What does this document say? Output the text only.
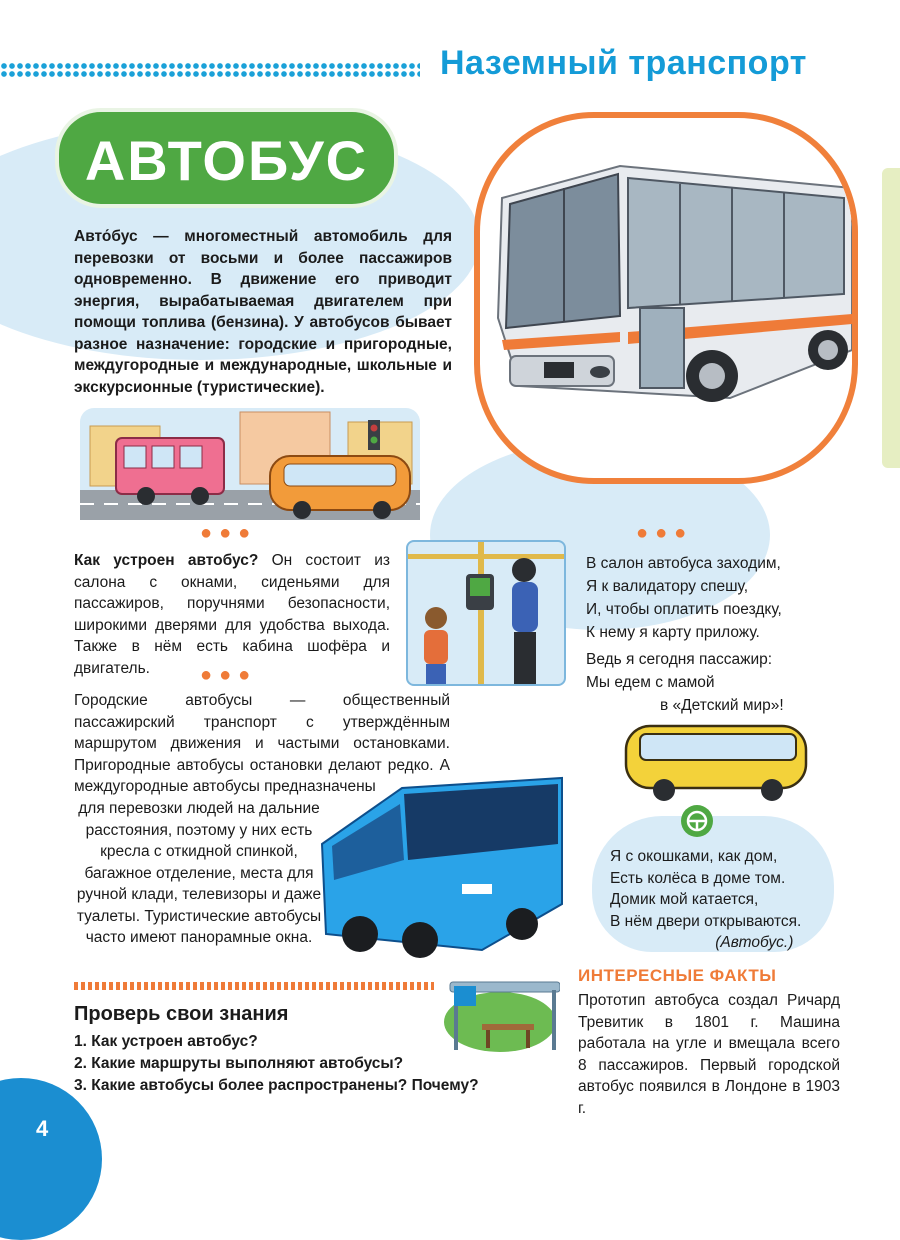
Наземный транспорт
АВТОБУС
Авто́бус — многоместный автомобиль для перевозки от восьми и более пассажиров одновременно. В движение его приводит энергия, вырабатываемая двигателем при помощи топлива (бензина). У автобусов бывает разное назначение: городские и пригородные, междугородные и международные, школьные и экскурсионные (туристические).
●●●	●●●
●●●
Как устроен автобус? Он состоит из салона с окнами, сиденьями для пассажиров, поручнями безопасности, широкими дверями для удобства выхода. Также в нём есть кабина шофёра и двигатель.
Городские автобусы — общественный пассажирский транспорт с утверждённым маршрутом движения и частыми остановками. Пригородные автобусы остановки делают редко. А междугородные автобусы предназначены
для перевозки людей на дальние расстояния, поэтому у них есть кресла с откидной спинкой, багажное отделение, места для ручной клади, телевизоры и даже туалеты. Туристические автобусы часто имеют панорамные окна.
В салон автобуса заходим,
Я к валидатору спешу,
И, чтобы оплатить поездку,
К нему я карту приложу.
Ведь я сегодня пассажир:
Мы едем с мамой
в «Детский мир»!
Я с окошками, как дом,
Есть колёса в доме том.
Домик мой катается,
В нём двери открываются.
(Автобус.)
ИНТЕРЕСНЫЕ ФАКТЫ
Прототип автобуса создал Ричард Тревитик в 1801 г. Машина работала на угле и вмещала всего 8 пассажиров. Первый городской автобус появился в Лондоне в 1903 г.
Проверь свои знания
1. Как устроен автобус?
2. Какие маршруты выполняют автобусы?
3. Какие автобусы более распространены? Почему?
4
